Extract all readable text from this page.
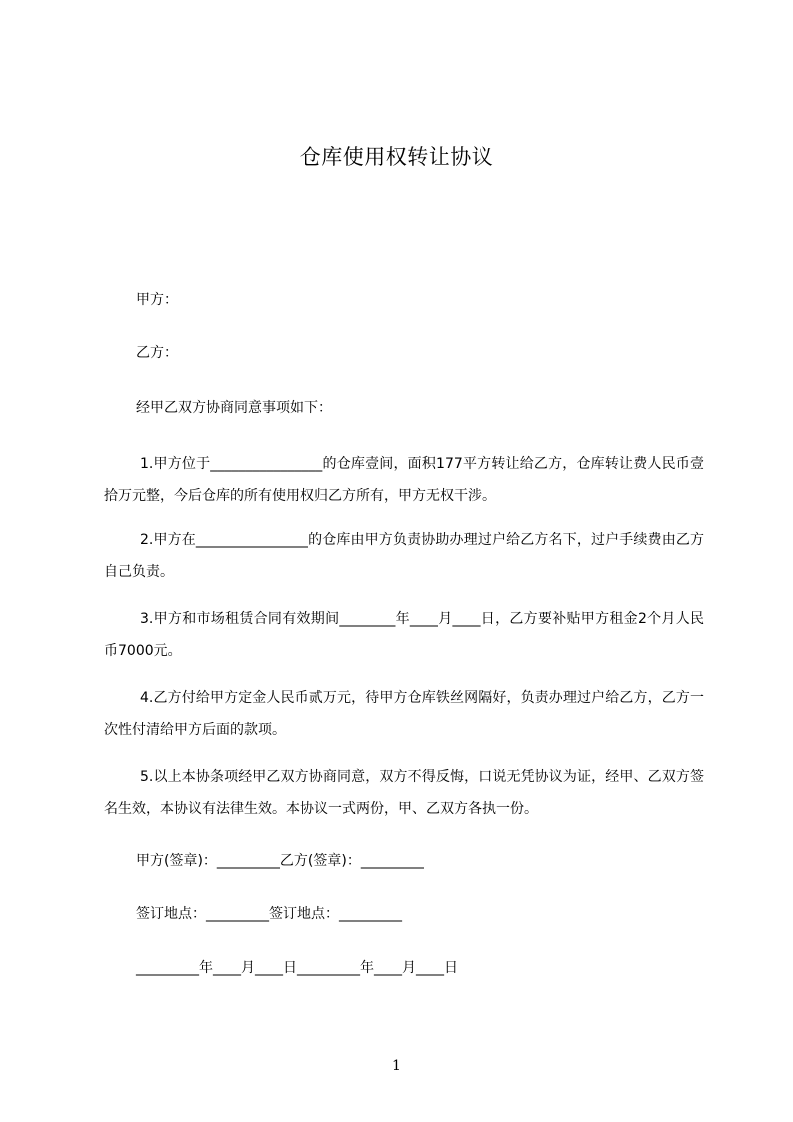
仓库使用权转让协议
甲方：
乙方：
经甲乙双方协商同意事项如下：
1.甲方位于________________的仓库壹间，面积177平方转让给乙方，仓库转让费人民币壹拾万元整，今后仓库的所有使用权归乙方所有，甲方无权干涉。
2.甲方在________________的仓库由甲方负责协助办理过户给乙方名下，过户手续费由乙方自己负责。
3.甲方和市场租赁合同有效期间________年____月____日，乙方要补贴甲方租金2个月人民币7000元。
4.乙方付给甲方定金人民币贰万元，待甲方仓库铁丝网隔好，负责办理过户给乙方，乙方一次性付清给甲方后面的款项。
5.以上本协条项经甲乙双方协商同意，双方不得反悔，口说无凭协议为证，经甲、乙双方签名生效，本协议有法律生效。本协议一式两份，甲、乙双方各执一份。
甲方(签章)：_________乙方(签章)：_________
签订地点：_________签订地点：_________
_________年____月____日_________年____月____日
1
